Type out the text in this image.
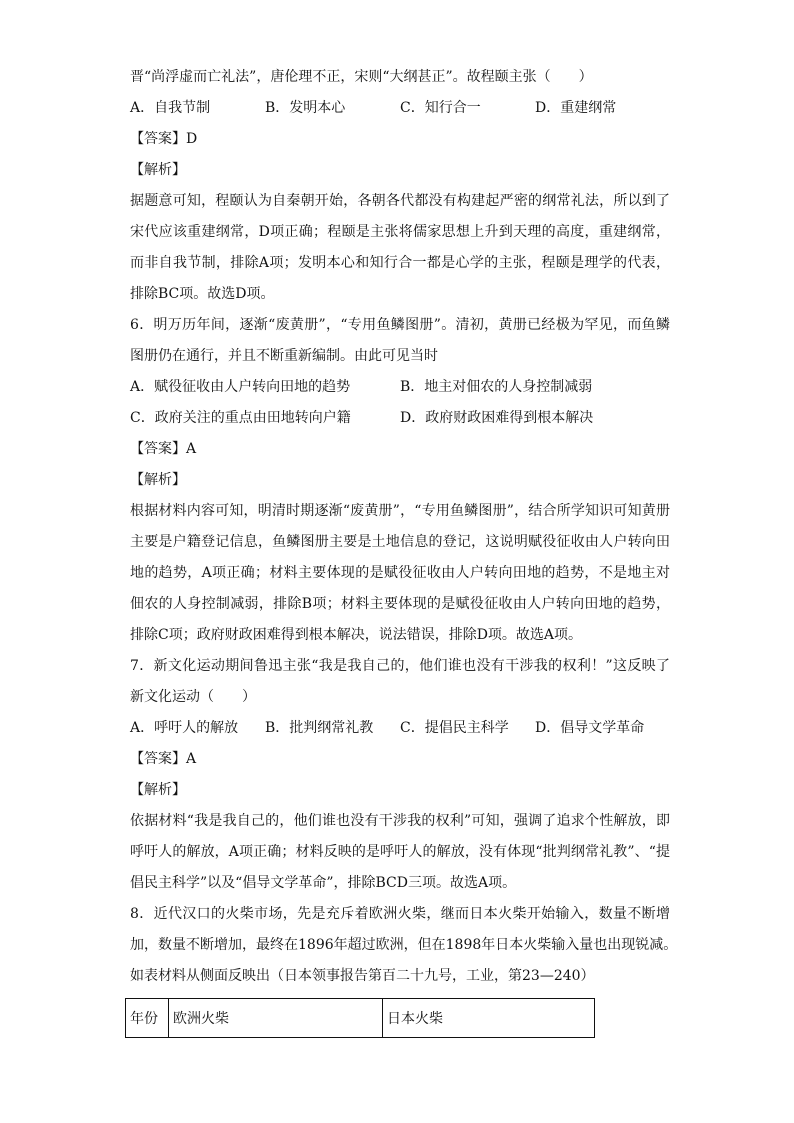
晋“尚浮虚而亡礼法”，唐伦理不正，宋则“大纲甚正”。故程颐主张（　　）
A．自我节制	B．发明本心	C．知行合一	D．重建纲常
【答案】D
【解析】
据题意可知，程颐认为自秦朝开始，各朝各代都没有构建起严密的纲常礼法，所以到了
宋代应该重建纲常，D项正确；程颐是主张将儒家思想上升到天理的高度，重建纲常，
而非自我节制，排除A项；发明本心和知行合一都是心学的主张，程颐是理学的代表，
排除BC项。故选D项。
6．明万历年间，逐渐“废黄册”，“专用鱼鳞图册”。清初，黄册已经极为罕见，而鱼鳞
图册仍在通行，并且不断重新编制。由此可见当时
A．赋役征收由人户转向田地的趋势	B．地主对佃农的人身控制减弱
C．政府关注的重点由田地转向户籍	D．政府财政困难得到根本解决
【答案】A
【解析】
根据材料内容可知，明清时期逐渐“废黄册”，“专用鱼鳞图册”，结合所学知识可知黄册
主要是户籍登记信息，鱼鳞图册主要是土地信息的登记，这说明赋役征收由人户转向田
地的趋势，A项正确；材料主要体现的是赋役征收由人户转向田地的趋势，不是地主对
佃农的人身控制减弱，排除B项；材料主要体现的是赋役征收由人户转向田地的趋势，
排除C项；政府财政困难得到根本解决，说法错误，排除D项。故选A项。
7．新文化运动期间鲁迅主张“我是我自己的，他们谁也没有干涉我的权利！”这反映了
新文化运动（　　）
A．呼吁人的解放	B．批判纲常礼教	C．提倡民主科学	D．倡导文学革命
【答案】A
【解析】
依据材料“我是我自己的，他们谁也没有干涉我的权利”可知，强调了追求个性解放，即
呼吁人的解放，A项正确；材料反映的是呼吁人的解放，没有体现“批判纲常礼教”、“提
倡民主科学”以及“倡导文学革命”，排除BCD三项。故选A项。
8．近代汉口的火柴市场，先是充斥着欧洲火柴，继而日本火柴开始输入，数量不断增
加，数量不断增加，最终在1896年超过欧洲，但在1898年日本火柴输入量也出现锐减。
如表材料从侧面反映出（日本领事报告第百二十九号，工业，第23—240）
年份	欧洲火柴	日本火柴
